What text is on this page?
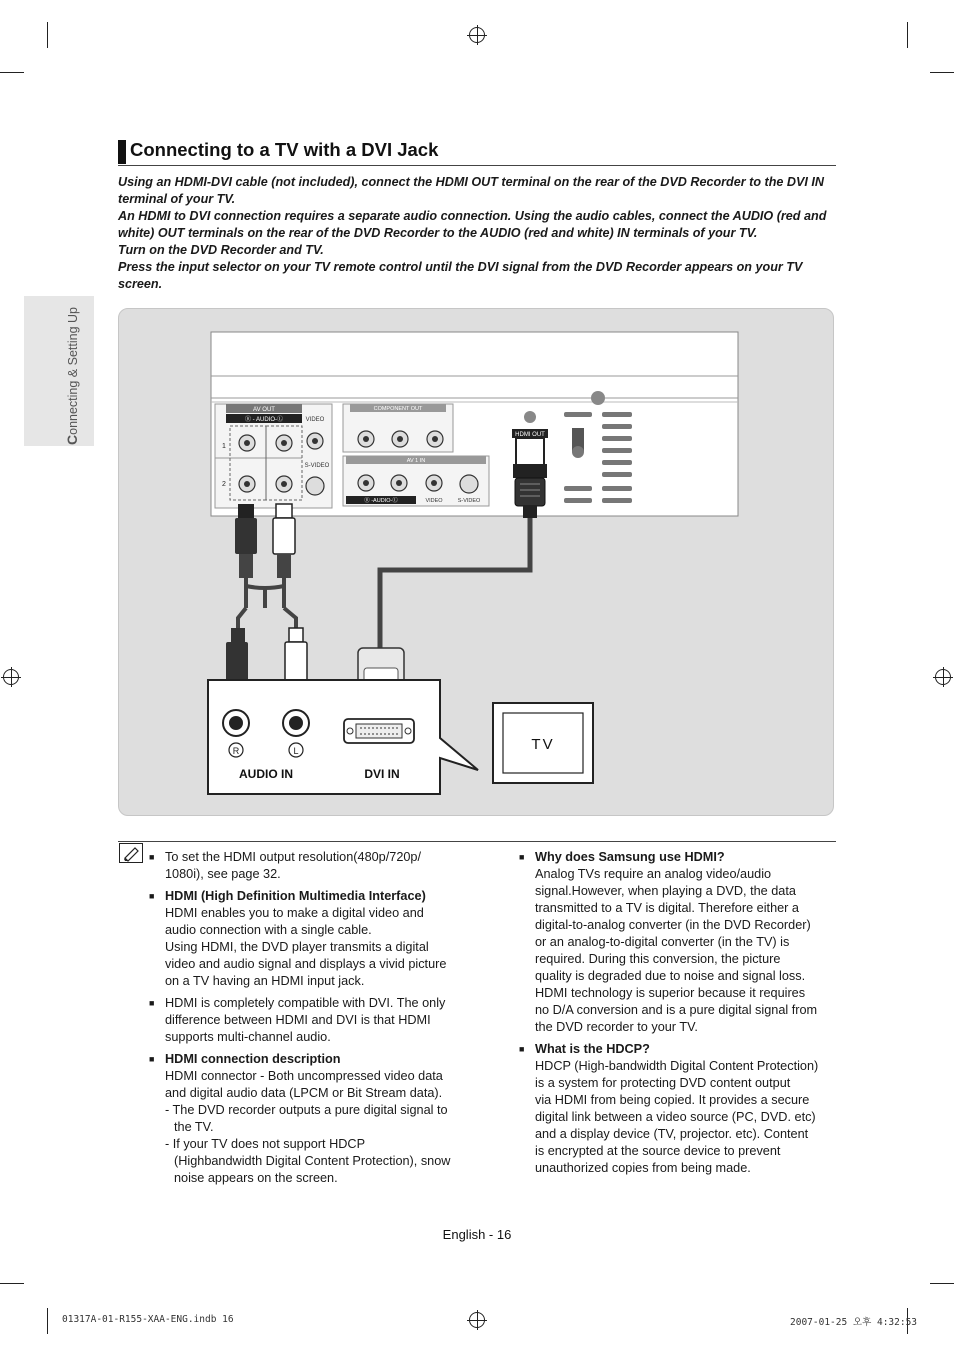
Connecting & Setting Up
Connecting to a TV with a DVI Jack

Using an HDMI-DVI cable (not included), connect the HDMI OUT terminal on the rear of the DVD Recorder to the DVI IN terminal of your TV.

An HDMI to DVI connection requires a separate audio connection. Using the audio cables, connect the AUDIO (red and white) OUT terminals on the rear of the DVD Recorder to the AUDIO (red and white) IN terminals of your TV.

Turn on the DVD Recorder and TV.

Press the input selector on your TV remote control until the DVI signal from the DVD Recorder appears on your TV screen.

AV OUT
Ⓡ - AUDIO-Ⓛ	VIDEO
1
2
S-VIDEO
COMPONENT OUT
AV 1 IN
Ⓡ -AUDIO-Ⓛ	VIDEO	S-VIDEO
HDMI OUT
R	L
AUDIO IN	DVI IN
TV

■ To set the HDMI output resolution(480p/720p/

1080i), see page 32.

■ HDMI (High Definition Multimedia Interface)

HDMI enables you to make a digital video and

audio connection with a single cable.

Using HDMI, the DVD player transmits a digital

video and audio signal and displays a vivid picture

on a TV having an HDMI input jack.

■ HDMI is completely compatible with DVI. The only

difference between HDMI and DVI is that HDMI

supports multi-channel audio.

■ HDMI connection description

HDMI connector - Both uncompressed video data

and digital audio data (LPCM or Bit Stream data).

- The DVD recorder outputs a pure digital signal to

the TV.

- If your TV does not support HDCP

(Highbandwidth Digital Content Protection), snow

noise appears on the screen.

■ Why does Samsung use HDMI?

Analog TVs require an analog video/audio

signal.However, when playing a DVD, the data

transmitted to a TV is digital. Therefore either a

digital-to-analog converter (in the DVD Recorder)

or an analog-to-digital converter (in the TV) is

required. During this conversion, the picture

quality is degraded due to noise and signal loss.

HDMI technology is superior because it requires

no D/A conversion and is a pure digital signal from

the DVD recorder to your TV.

■ What is the HDCP?

HDCP (High-bandwidth Digital Content Protection)

is a system for protecting DVD content output

via HDMI from being copied. It provides a secure

digital link between a video source (PC, DVD. etc)

and a display device (TV, projector. etc). Content

is encrypted at the source device to prevent

unauthorized copies from being made.

English - 16
01317A-01-R155-XAA-ENG.indb 16	2007-01-25 오후 4:32:53
